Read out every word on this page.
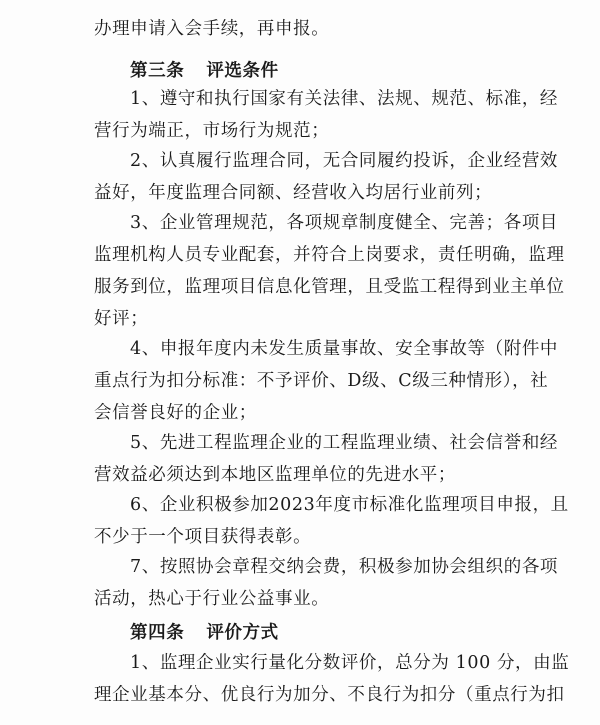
办理申请入会手续，再申报。
第三条 评选条件
1、遵守和执行国家有关法律、法规、规范、标准，经
营行为端正，市场行为规范；
2、认真履行监理合同，无合同履约投诉，企业经营效
益好，年度监理合同额、经营收入均居行业前列；
3、企业管理规范，各项规章制度健全、完善；各项目
监理机构人员专业配套，并符合上岗要求，责任明确，监理
服务到位，监理项目信息化管理，且受监工程得到业主单位
好评；
4、申报年度内未发生质量事故、安全事故等（附件中
重点行为扣分标准：不予评价、D级、C级三种情形），社
会信誉良好的企业；
5、先进工程监理企业的工程监理业绩、社会信誉和经
营效益必须达到本地区监理单位的先进水平；
6、企业积极参加2023年度市标准化监理项目申报，且
不少于一个项目获得表彰。
7、按照协会章程交纳会费，积极参加协会组织的各项
活动，热心于行业公益事业。
第四条 评价方式
1、监理企业实行量化分数评价，总分为 100 分，由监
理企业基本分、优良行为加分、不良行为扣分（重点行为扣
